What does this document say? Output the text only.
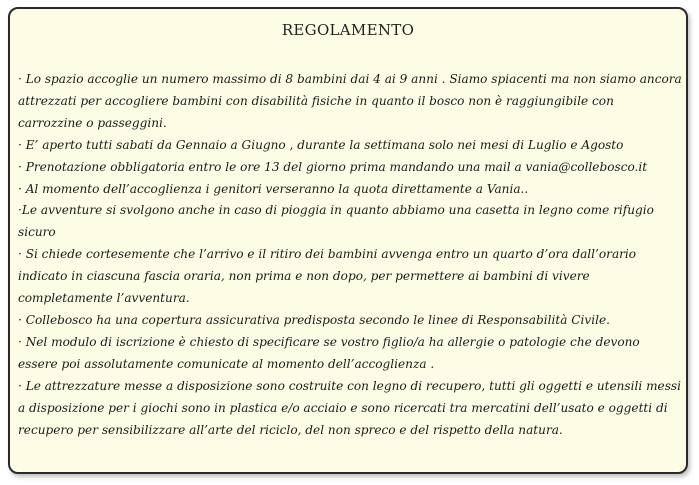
REGOLAMENTO

· Lo spazio accoglie un numero massimo di 8 bambini dai 4 ai 9 anni . Siamo spiacenti ma non siamo ancora attrezzati per accogliere bambini con disabilità fisiche in quanto il bosco non è raggiungibile con carrozzine o passeggini.

· E’ aperto tutti sabati da Gennaio a Giugno , durante la settimana solo nei mesi di Luglio e Agosto

· Prenotazione obbligatoria entro le ore 13 del giorno prima mandando una mail a vania@collebosco.it

· Al momento dell’accoglienza i genitori verseranno la quota direttamente a Vania..

·Le avventure si svolgono anche in caso di pioggia in quanto abbiamo una casetta in legno come rifugio sicuro

· Si chiede cortesemente che l’arrivo e il ritiro dei bambini avvenga entro un quarto d’ora dall’orario indicato in ciascuna fascia oraria, non prima e non dopo, per permettere ai bambini di vivere completamente l’avventura.

· Collebosco ha una copertura assicurativa predisposta secondo le linee di Responsabilità Civile.

· Nel modulo di iscrizione è chiesto di specificare se vostro figlio/a ha allergie o patologie che devono essere poi assolutamente comunicate al momento dell’accoglienza .

· Le attrezzature messe a disposizione sono costruite con legno di recupero, tutti gli oggetti e utensili messi a disposizione per i giochi sono in plastica e/o acciaio e sono ricercati tra mercatini dell’usato e oggetti di recupero per sensibilizzare all’arte del riciclo, del non spreco e del rispetto della natura.
